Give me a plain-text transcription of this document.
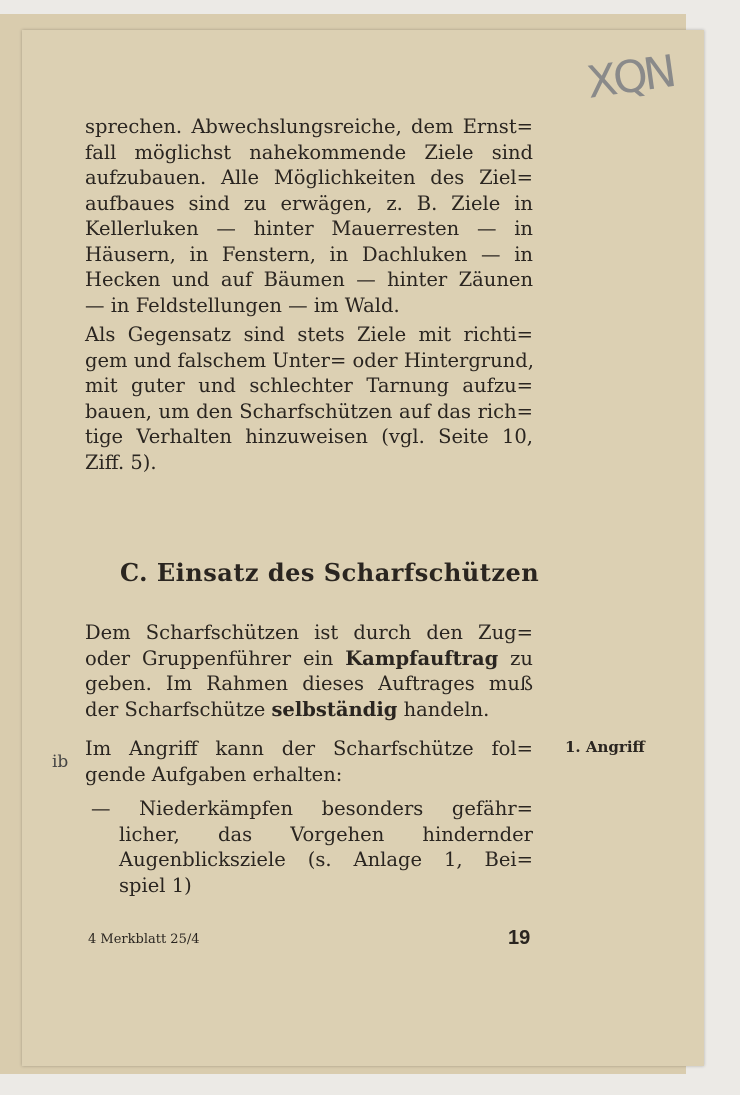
XQN
sprechen. Abwechslungsreiche, dem Ernst=
fall möglichst nahekommende Ziele sind
aufzubauen. Alle Möglichkeiten des Ziel=
aufbaues sind zu erwägen, z. B. Ziele in
Kellerluken — hinter Mauerresten — in
Häusern, in Fenstern, in Dachluken — in
Hecken und auf Bäumen — hinter Zäunen
— in Feldstellungen — im Wald.
Als Gegensatz sind stets Ziele mit richti=
gem und falschem Unter= oder Hintergrund,
mit guter und schlechter Tarnung aufzu=
bauen, um den Scharfschützen auf das rich=
tige Verhalten hinzuweisen (vgl. Seite 10,
Ziff. 5).
C. Einsatz des Scharfschützen
Dem Scharfschützen ist durch den Zug=
oder Gruppenführer ein Kampfauftrag zu
geben. Im Rahmen dieses Auftrages muß
der Scharfschütze selbständig handeln.
Im Angriff kann der Scharfschütze fol=
gende Aufgaben erhalten:
— Niederkämpfen besonders gefähr=
licher, das Vorgehen hindernder
Augenblicksziele (s. Anlage 1, Bei=
spiel 1)
1. Angriff
ib
4 Merkblatt 25/4	19
